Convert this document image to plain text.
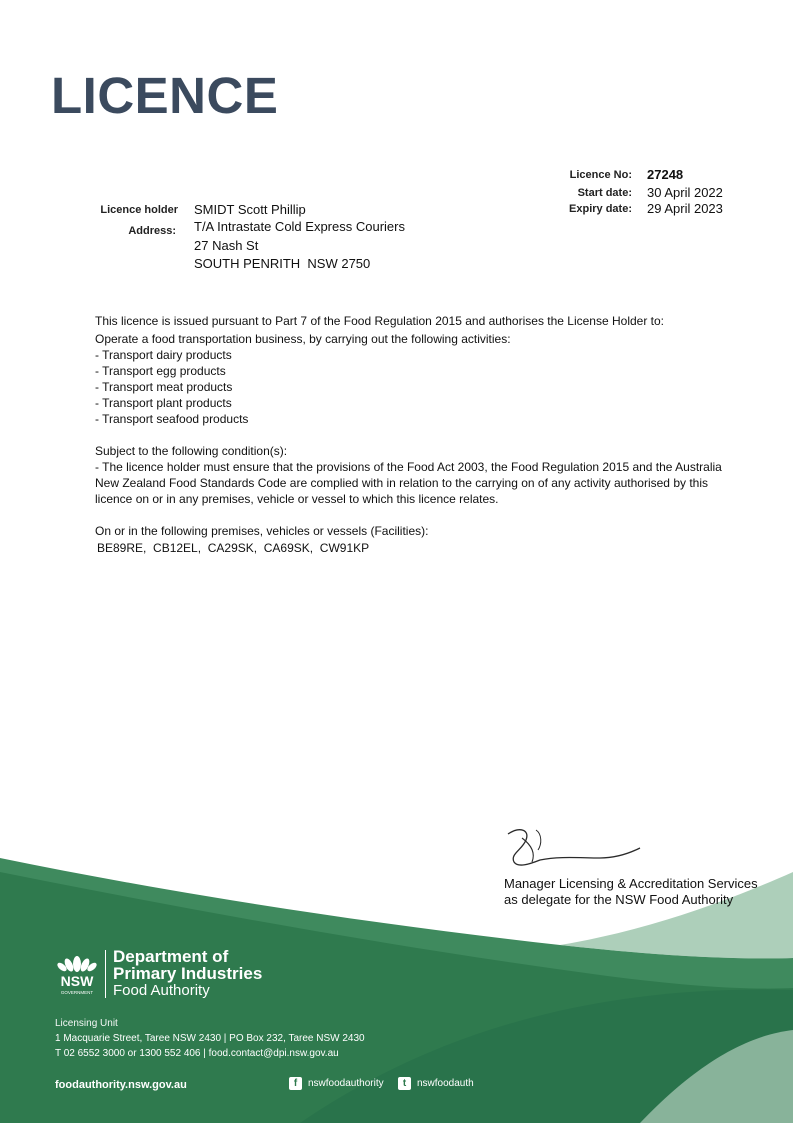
LICENCE
Licence No: 27248
Start date: 30 April 2022
Expiry date: 29 April 2023
Licence holder SMIDT Scott Phillip
Address: T/A Intrastate Cold Express Couriers
27 Nash St
SOUTH PENRITH  NSW 2750
This licence is issued pursuant to Part 7 of the Food Regulation 2015 and authorises the License Holder to:
Operate a food transportation business, by carrying out the following activities:
- Transport dairy products
- Transport egg products
- Transport meat products
- Transport plant products
- Transport seafood products
Subject to the following condition(s):
- The licence holder must ensure that the provisions of the Food Act 2003, the Food Regulation 2015 and the Australia
New Zealand Food Standards Code are complied with in relation to the carrying on of any activity authorised by this
licence on or in any premises, vehicle or vessel to which this licence relates.
On or in the following premises, vehicles or vessels (Facilities):
BE89RE,  CB12EL,  CA29SK,  CA69SK,  CW91KP
Manager Licensing & Accreditation Services
as delegate for the NSW Food Authority
NSW
GOVERNMENT
Department of
Primary Industries
Food Authority
Licensing Unit
1 Macquarie Street, Taree NSW 2430 | PO Box 232, Taree NSW 2430
T 02 6552 3000 or 1300 552 406 | food.contact@dpi.nsw.gov.au
foodauthority.nsw.gov.au	f	nswfoodauthority	t	nswfoodauth
